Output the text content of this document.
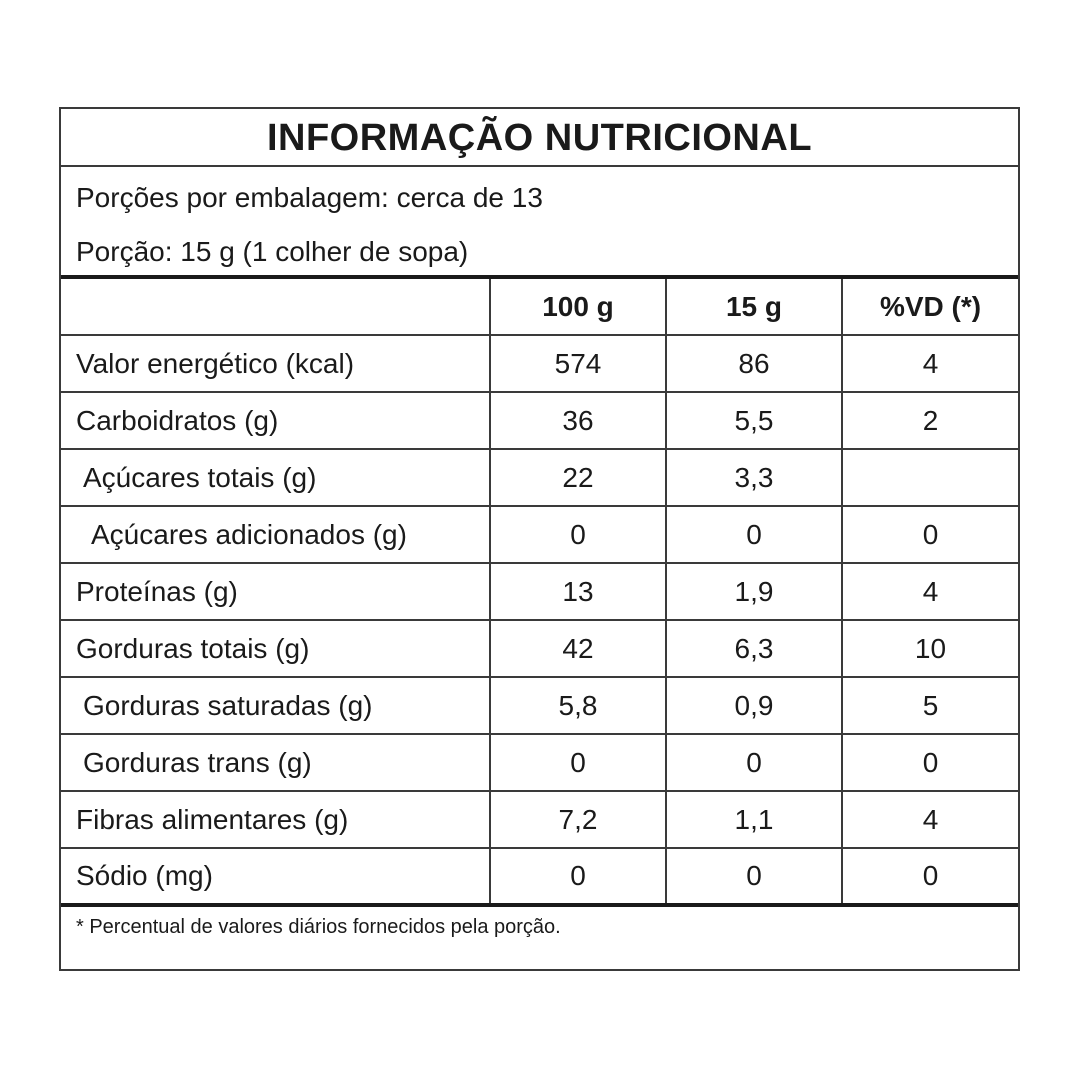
INFORMAÇÃO NUTRICIONAL
Porções por embalagem: cerca de 13
Porção: 15 g (1 colher de sopa)
	100 g	15 g	%VD (*)
Valor energético (kcal)	574	86	4
Carboidratos (g)	36	5,5	2
Açúcares totais (g)	22	3,3	
Açúcares adicionados (g)	0	0	0
Proteínas (g)	13	1,9	4
Gorduras totais (g)	42	6,3	10
Gorduras saturadas (g)	5,8	0,9	5
Gorduras trans (g)	0	0	0
Fibras alimentares (g)	7,2	1,1	4
Sódio (mg)	0	0	0
* Percentual de valores diários fornecidos pela porção.
